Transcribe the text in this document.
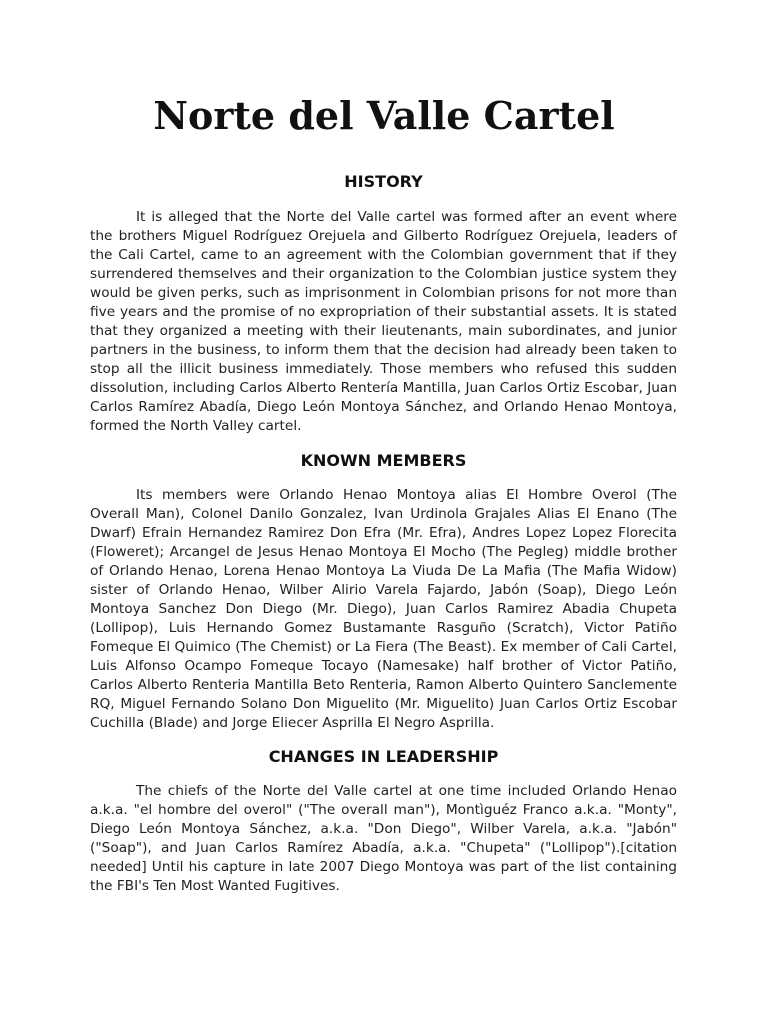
Norte del Valle Cartel
HISTORY

It is alleged that the Norte del Valle cartel was formed after an event where the brothers Miguel Rodríguez Orejuela and Gilberto Rodríguez Orejuela, leaders of the Cali Cartel, came to an agreement with the Colombian government that if they surrendered themselves and their organization to the Colombian justice system they would be given perks, such as imprisonment in Colombian prisons for not more than five years and the promise of no expropriation of their substantial assets. It is stated that they organized a meeting with their lieutenants, main subordinates, and junior partners in the business, to inform them that the decision had already been taken to stop all the illicit business immediately. Those members who refused this sudden dissolution, including Carlos Alberto Rentería Mantilla, Juan Carlos Ortiz Escobar, Juan Carlos Ramírez Abadía, Diego León Montoya Sánchez, and Orlando Henao Montoya, formed the North Valley cartel.

KNOWN MEMBERS

Its members were Orlando Henao Montoya alias El Hombre Overol (The Overall Man), Colonel Danilo Gonzalez, Ivan Urdinola Grajales Alias El Enano (The Dwarf) Efrain Hernandez Ramirez Don Efra (Mr. Efra), Andres Lopez Lopez Florecita (Floweret); Arcangel de Jesus Henao Montoya El Mocho (The Pegleg) middle brother of Orlando Henao, Lorena Henao Montoya La Viuda De La Mafia (The Mafia Widow) sister of Orlando Henao, Wilber Alirio Varela Fajardo, Jabón (Soap), Diego León Montoya Sanchez Don Diego (Mr. Diego), Juan Carlos Ramirez Abadia Chupeta (Lollipop), Luis Hernando Gomez Bustamante Rasguño (Scratch), Victor Patiño Fomeque El Quimico (The Chemist) or La Fiera (The Beast). Ex member of Cali Cartel, Luis Alfonso Ocampo Fomeque Tocayo (Namesake) half brother of Victor Patiño, Carlos Alberto Renteria Mantilla Beto Renteria, Ramon Alberto Quintero Sanclemente RQ, Miguel Fernando Solano Don Miguelito (Mr. Miguelito) Juan Carlos Ortiz Escobar Cuchilla (Blade) and Jorge Eliecer Asprilla El Negro Asprilla.

CHANGES IN LEADERSHIP

The chiefs of the Norte del Valle cartel at one time included Orlando Henao a.k.a. "el hombre del overol" ("The overall man"), Montìguéz Franco a.k.a. "Monty", Diego León Montoya Sánchez, a.k.a. "Don Diego", Wilber Varela, a.k.a. "Jabón" ("Soap"), and Juan Carlos Ramírez Abadía, a.k.a. "Chupeta" ("Lollipop").[citation needed] Until his capture in late 2007 Diego Montoya was part of the list containing the FBI's Ten Most Wanted Fugitives.
